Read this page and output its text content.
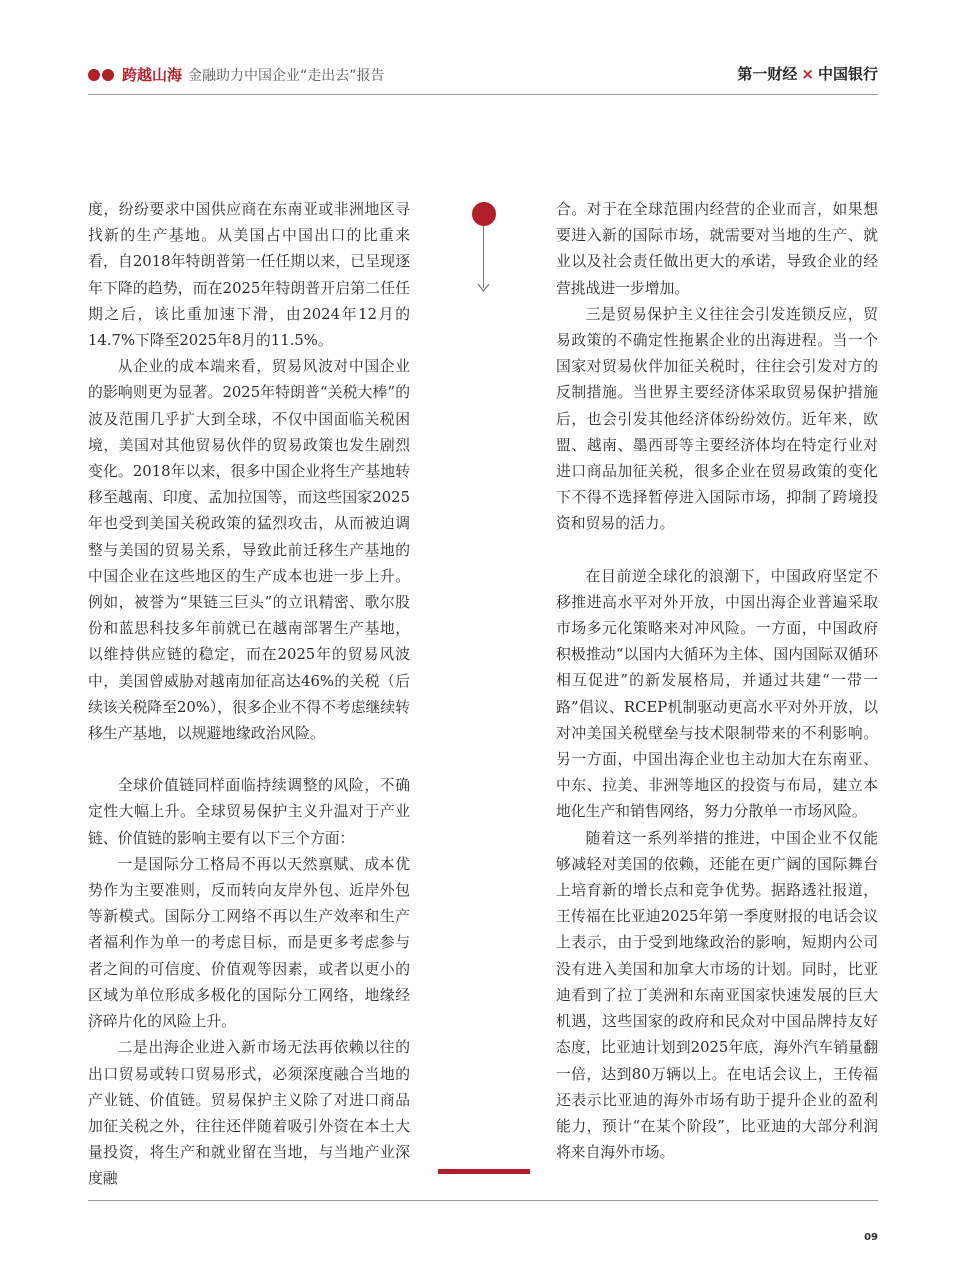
跨越山海 金融助力中国企业“走出去”报告	第一财经 × 中国银行

度，纷纷要求中国供应商在东南亚或非洲地区寻找新的生产基地。从美国占中国出口的比重来看，自2018年特朗普第一任任期以来，已呈现逐年下降的趋势，而在2025年特朗普开启第二任任期之后，该比重加速下滑，由2024年12月的14.7%下降至2025年8月的11.5%。

从企业的成本端来看，贸易风波对中国企业的影响则更为显著。2025年特朗普“关税大棒”的波及范围几乎扩大到全球，不仅中国面临关税困境，美国对其他贸易伙伴的贸易政策也发生剧烈变化。2018年以来，很多中国企业将生产基地转移至越南、印度、孟加拉国等，而这些国家2025年也受到美国关税政策的猛烈攻击，从而被迫调整与美国的贸易关系，导致此前迁移生产基地的中国企业在这些地区的生产成本也进一步上升。例如，被誉为“果链三巨头”的立讯精密、歌尔股份和蓝思科技多年前就已在越南部署生产基地，以维持供应链的稳定，而在2025年的贸易风波中，美国曾威胁对越南加征高达46%的关税（后续该关税降至20%），很多企业不得不考虑继续转移生产基地，以规避地缘政治风险。

全球价值链同样面临持续调整的风险，不确定性大幅上升。全球贸易保护主义升温对于产业链、价值链的影响主要有以下三个方面：

一是国际分工格局不再以天然禀赋、成本优势作为主要准则，反而转向友岸外包、近岸外包等新模式。国际分工网络不再以生产效率和生产者福利作为单一的考虑目标，而是更多考虑参与者之间的可信度、价值观等因素，或者以更小的区域为单位形成多极化的国际分工网络，地缘经济碎片化的风险上升。

二是出海企业进入新市场无法再依赖以往的出口贸易或转口贸易形式，必须深度融合当地的产业链、价值链。贸易保护主义除了对进口商品加征关税之外，往往还伴随着吸引外资在本土大量投资，将生产和就业留在当地，与当地产业深度融

合。对于在全球范围内经营的企业而言，如果想要进入新的国际市场，就需要对当地的生产、就业以及社会责任做出更大的承诺，导致企业的经营挑战进一步增加。

三是贸易保护主义往往会引发连锁反应，贸易政策的不确定性拖累企业的出海进程。当一个国家对贸易伙伴加征关税时，往往会引发对方的反制措施。当世界主要经济体采取贸易保护措施后，也会引发其他经济体纷纷效仿。近年来，欧盟、越南、墨西哥等主要经济体均在特定行业对进口商品加征关税，很多企业在贸易政策的变化下不得不选择暂停进入国际市场，抑制了跨境投资和贸易的活力。

在目前逆全球化的浪潮下，中国政府坚定不移推进高水平对外开放，中国出海企业普遍采取市场多元化策略来对冲风险。一方面，中国政府积极推动“以国内大循环为主体、国内国际双循环相互促进”的新发展格局，并通过共建“一带一路”倡议、RCEP机制驱动更高水平对外开放，以对冲美国关税壁垒与技术限制带来的不利影响。另一方面，中国出海企业也主动加大在东南亚、中东、拉美、非洲等地区的投资与布局，建立本地化生产和销售网络，努力分散单一市场风险。

随着这一系列举措的推进，中国企业不仅能够减轻对美国的依赖，还能在更广阔的国际舞台上培育新的增长点和竞争优势。据路透社报道，王传福在比亚迪2025年第一季度财报的电话会议上表示，由于受到地缘政治的影响，短期内公司没有进入美国和加拿大市场的计划。同时，比亚迪看到了拉丁美洲和东南亚国家快速发展的巨大机遇，这些国家的政府和民众对中国品牌持友好态度，比亚迪计划到2025年底，海外汽车销量翻一倍，达到80万辆以上。在电话会议上，王传福还表示比亚迪的海外市场有助于提升企业的盈利能力，预计“在某个阶段”，比亚迪的大部分利润将来自海外市场。

09
